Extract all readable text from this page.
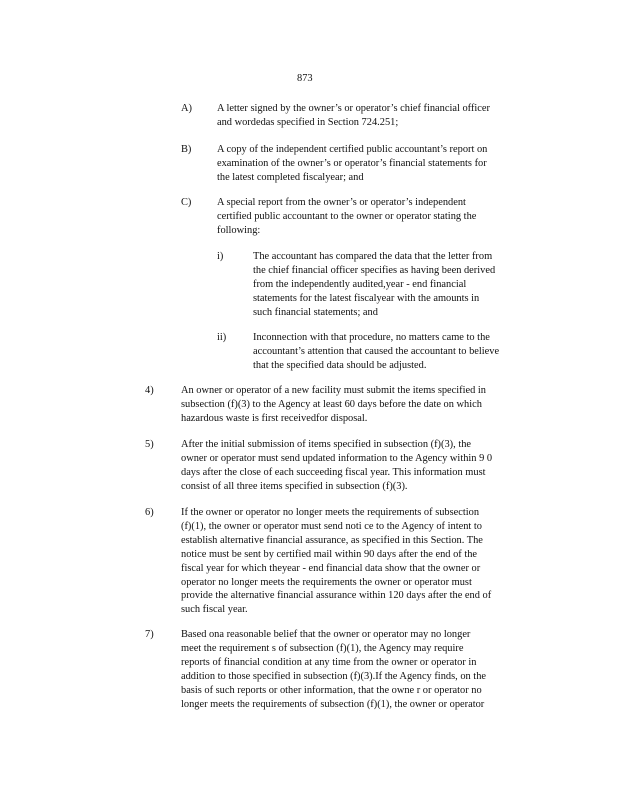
873
A) A letter signed by the owner’s or operator’s chief financial officer
and wordedas specified in Section 724.251;
B) A copy of the independent certified public accountant’s report on
examination of the owner’s or operator’s financial statements for
the latest completed fiscalyear; and
C) A special report from the owner’s or operator’s independent
certified public accountant to the owner or operator stating the
following:
i)	The accountant has compared the data that the letter from
the chief financial officer specifies as having been derived
from the independently audited,year - end financial
statements for the latest fiscalyear with the amounts in
such financial statements; and
ii)	Inconnection with that procedure, no matters came to the
accountant’s attention that caused the accountant to believe
that the specified data should be adjusted.
4)	An owner or operator of a new facility must submit the items specified in
subsection (f)(3) to the Agency at least 60 days before the date on which
hazardous waste is first receivedfor disposal.
5)	After the initial submission of items specified in subsection (f)(3), the
owner or operator must send updated information to the Agency within 9 0
days after the close of each succeeding fiscal year. This information must
consist of all three items specified in subsection (f)(3).
6)	If the owner or operator no longer meets the requirements of subsection
(f)(1), the owner or operator must send noti ce to the Agency of intent to
establish alternative financial assurance, as specified in this Section. The
notice must be sent by certified mail within 90 days after the end of the
fiscal year for which theyear - end financial data show that the owner or
operator no longer meets the requirements the owner or operator must
provide the alternative financial assurance within 120 days after the end of
such fiscal year.
7)	Based ona reasonable belief that the owner or operator may no longer
meet the requirement s of subsection (f)(1), the Agency may require
reports of financial condition at any time from the owner or operator in
addition to those specified in subsection (f)(3).If the Agency finds, on the
basis of such reports or other information, that the owne r or operator no
longer meets the requirements of subsection (f)(1), the owner or operator
